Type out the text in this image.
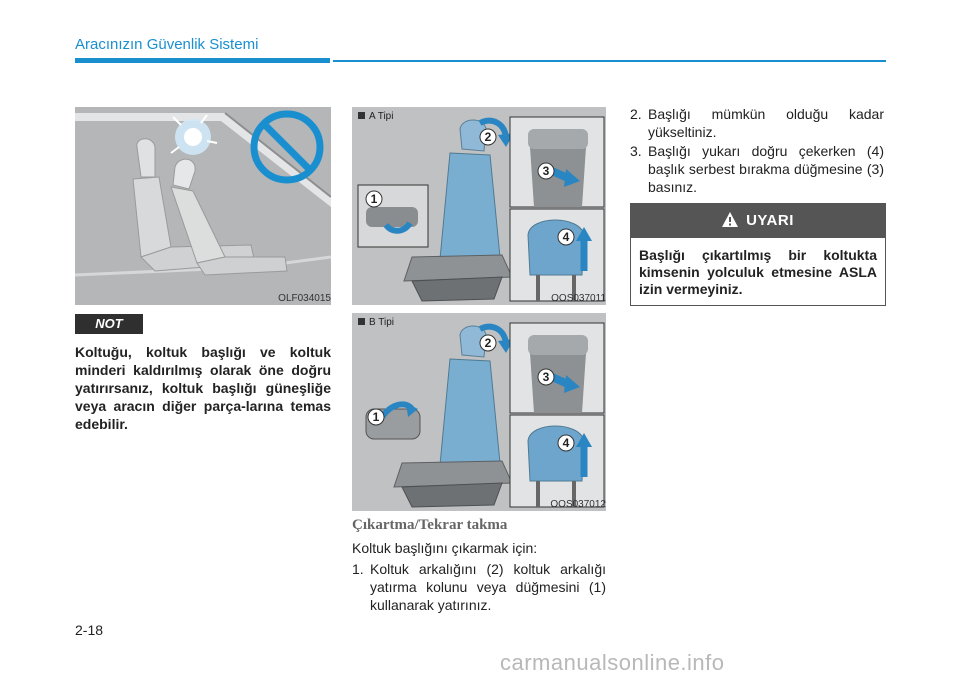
Aracınızın Güvenlik Sistemi
OLF034015
1
2
3
4
A Tipi
OOS037011
1
2
3
4
B Tipi
OOS037012
NOT
Koltuğu, koltuk başlığı ve koltuk minderi kaldırılmış olarak öne doğru yatırırsanız, koltuk başlığı güneşliğe veya aracın diğer parça-larına temas edebilir.
Çıkartma/Tekrar takma
Koltuk başlığını çıkarmak için:
1. Koltuk arkalığını (2) koltuk arkalığı yatırma kolunu veya düğmesini (1) kullanarak yatırınız.
2. Başlığı mümkün olduğu kadar yükseltiniz.
3. Başlığı yukarı doğru çekerken (4) başlık serbest bırakma düğmesine (3) basınız.
UYARI
Başlığı çıkartılmış bir koltukta kimsenin yolculuk etmesine ASLA izin vermeyiniz.
2-18
carmanualsonline.info
